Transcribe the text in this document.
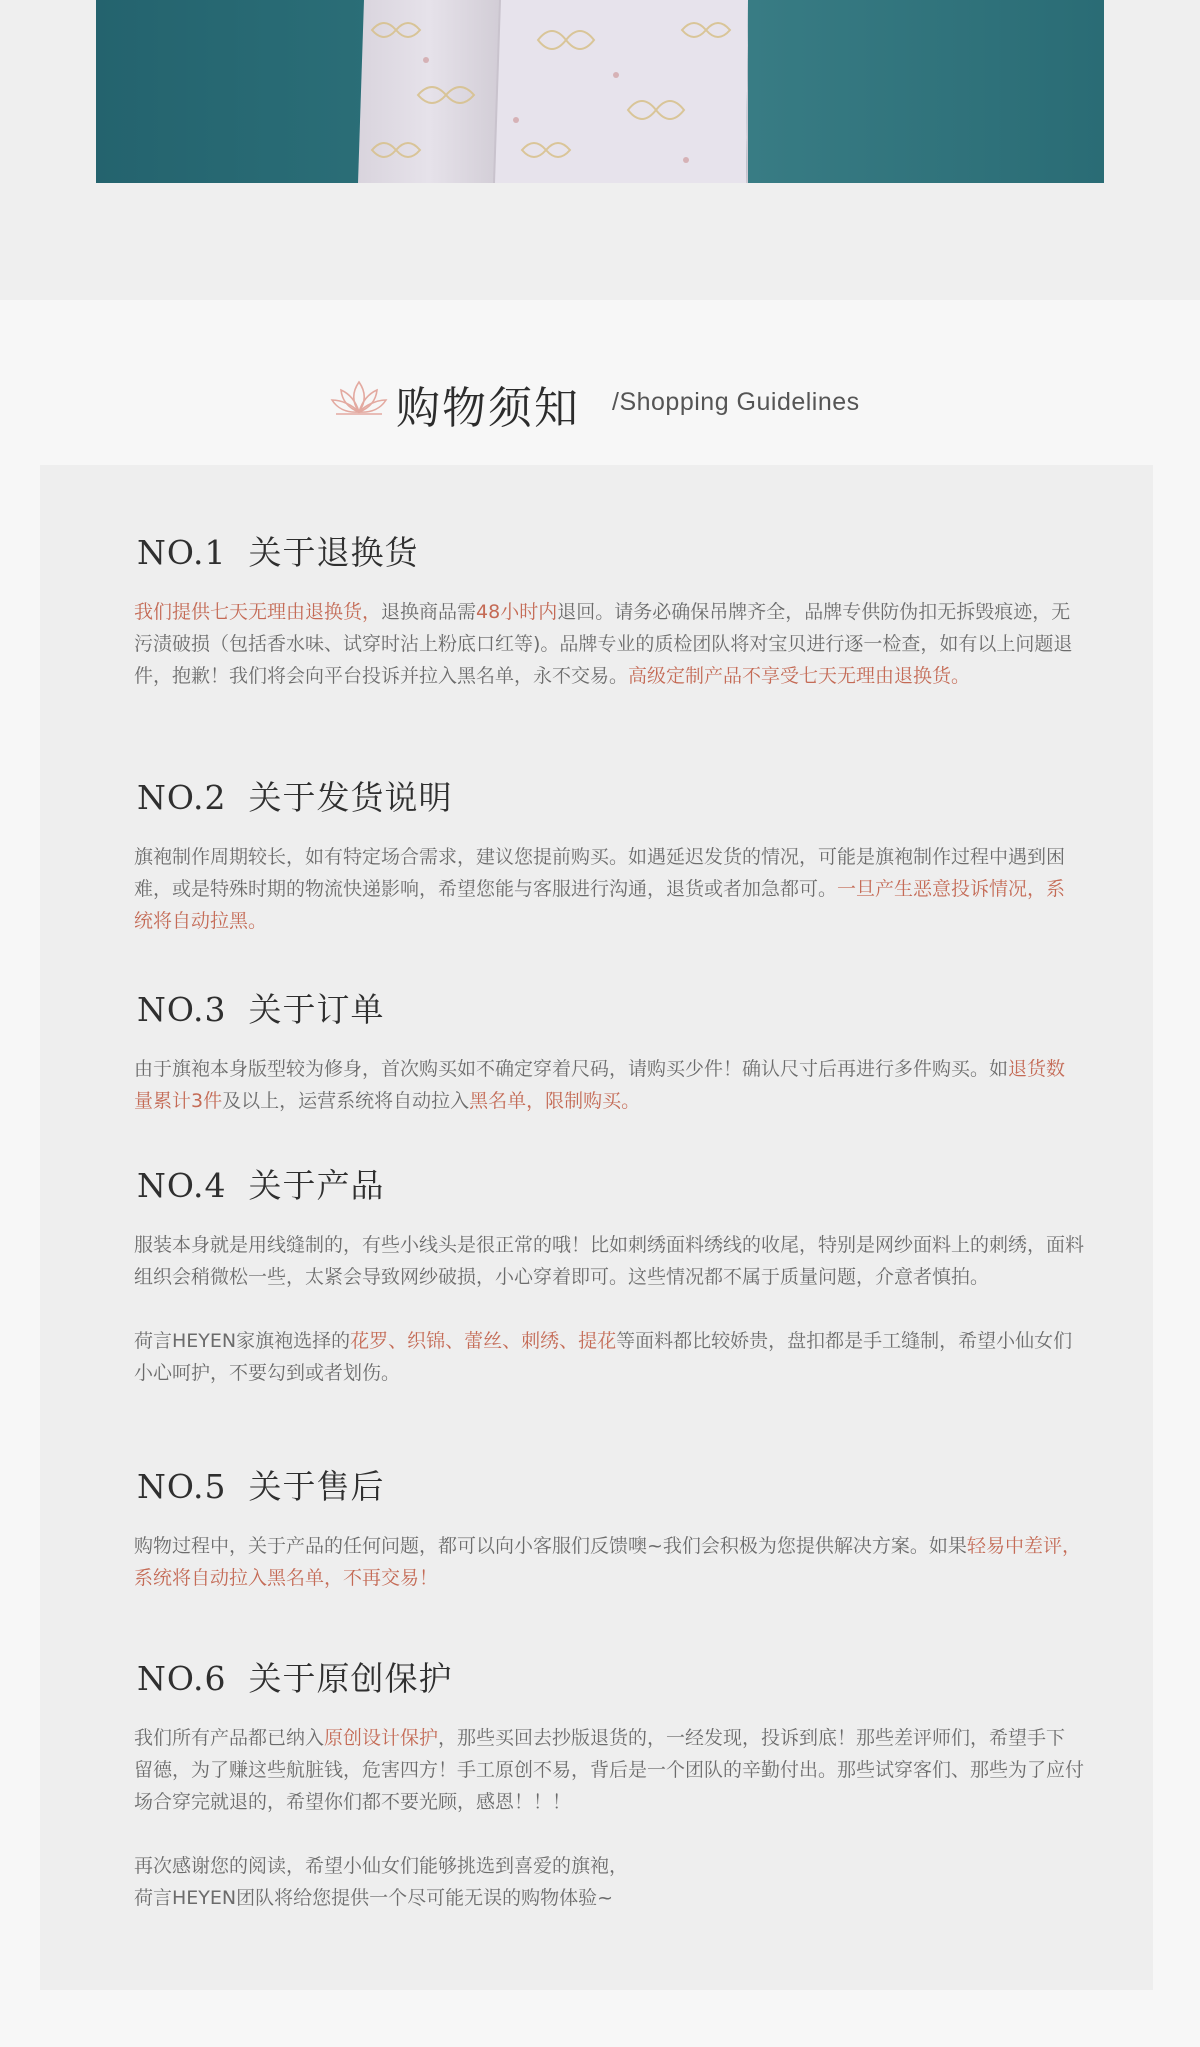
购物须知 /Shopping Guidelines
NO.1 关于退换货

我们提供七天无理由退换货，退换商品需48小时内退回。请务必确保吊牌齐全，品牌专供防伪扣无拆毁痕迹，无污渍破损（包括香水味、试穿时沾上粉底口红等)。品牌专业的质检团队将对宝贝进行逐一检查，如有以上问题退件，抱歉！我们将会向平台投诉并拉入黑名单，永不交易。高级定制产品不享受七天无理由退换货。

NO.2 关于发货说明

旗袍制作周期较长，如有特定场合需求，建议您提前购买。如遇延迟发货的情况，可能是旗袍制作过程中遇到困难，或是特殊时期的物流快递影响，希望您能与客服进行沟通，退货或者加急都可。一旦产生恶意投诉情况，系统将自动拉黑。

NO.3 关于订单

由于旗袍本身版型较为修身，首次购买如不确定穿着尺码，请购买少件！确认尺寸后再进行多件购买。如退货数量累计3件及以上，运营系统将自动拉入黑名单，限制购买。

NO.4 关于产品

服装本身就是用线缝制的，有些小线头是很正常的哦！比如刺绣面料绣线的收尾，特别是网纱面料上的刺绣，面料组织会稍微松一些，太紧会导致网纱破损，小心穿着即可。这些情况都不属于质量问题，介意者慎拍。

荷言HEYEN家旗袍选择的花罗、织锦、蕾丝、刺绣、提花等面料都比较娇贵，盘扣都是手工缝制，希望小仙女们小心呵护，不要勾到或者划伤。

NO.5 关于售后

购物过程中，关于产品的任何问题，都可以向小客服们反馈噢~我们会积极为您提供解决方案。如果轻易中差评，系统将自动拉入黑名单，不再交易！

NO.6 关于原创保护

我们所有产品都已纳入原创设计保护，那些买回去抄版退货的，一经发现，投诉到底！那些差评师们，希望手下留德，为了赚这些航脏钱，危害四方！手工原创不易，背后是一个团队的辛勤付出。那些试穿客们、那些为了应付场合穿完就退的，希望你们都不要光顾，感恩！！！

再次感谢您的阅读，希望小仙女们能够挑选到喜爱的旗袍，
荷言HEYEN团队将给您提供一个尽可能无误的购物体验~
